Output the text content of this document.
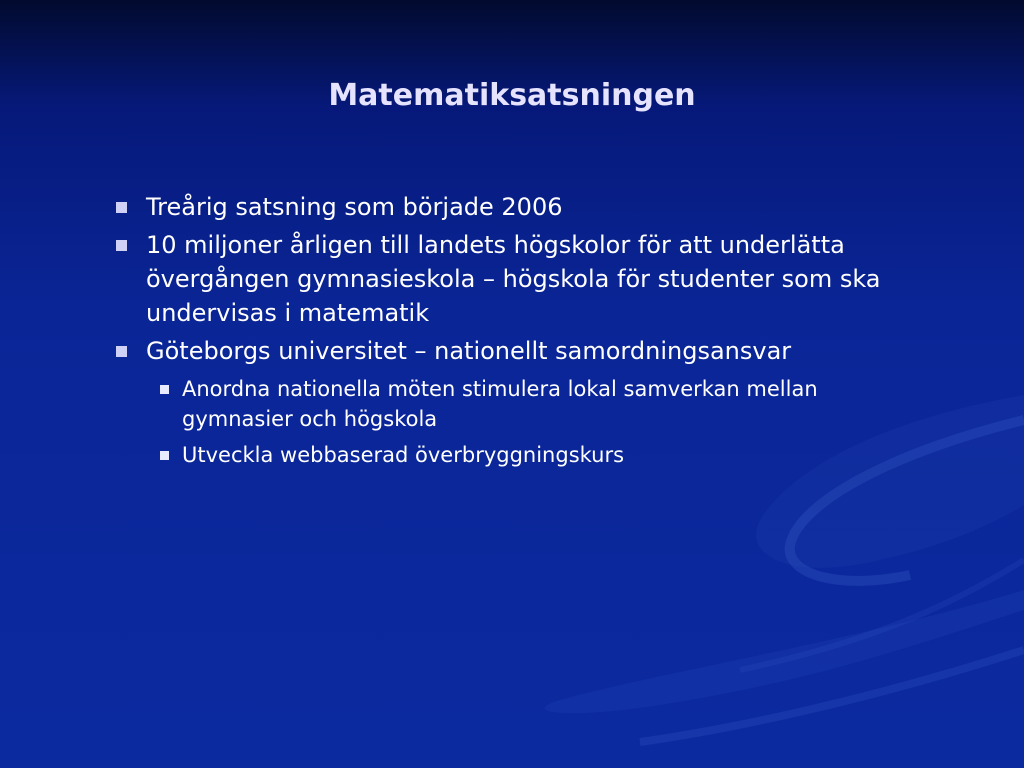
Matematiksatsningen
Treårig satsning som började 2006
10 miljoner årligen till landets högskolor för att underlätta övergången gymnasieskola – högskola för studenter som ska undervisas i matematik
Göteborgs universitet – nationellt samordningsansvar
Anordna nationella möten stimulera lokal samverkan mellan gymnasier och högskola
Utveckla webbaserad överbryggningskurs
